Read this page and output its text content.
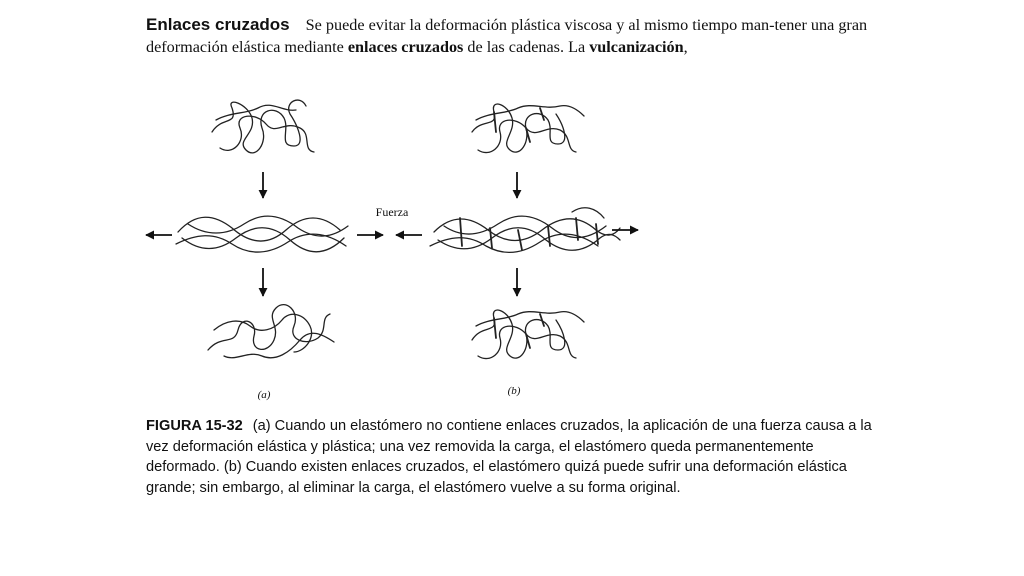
Enlaces cruzados Se puede evitar la deformación plástica viscosa y al mismo tiempo man-tener una gran deformación elástica mediante enlaces cruzados de las cadenas. La vulcanización,
Fuerza
(a)	(b)
FIGURA 15-32 (a) Cuando un elastómero no contiene enlaces cruzados, la aplicación de una fuerza causa a la vez deformación elástica y plástica; una vez removida la carga, el elastómero queda permanentemente deformado. (b) Cuando existen enlaces cruzados, el elastómero quizá puede sufrir una deformación elástica grande; sin embargo, al eliminar la carga, el elastómero vuelve a su forma original.
